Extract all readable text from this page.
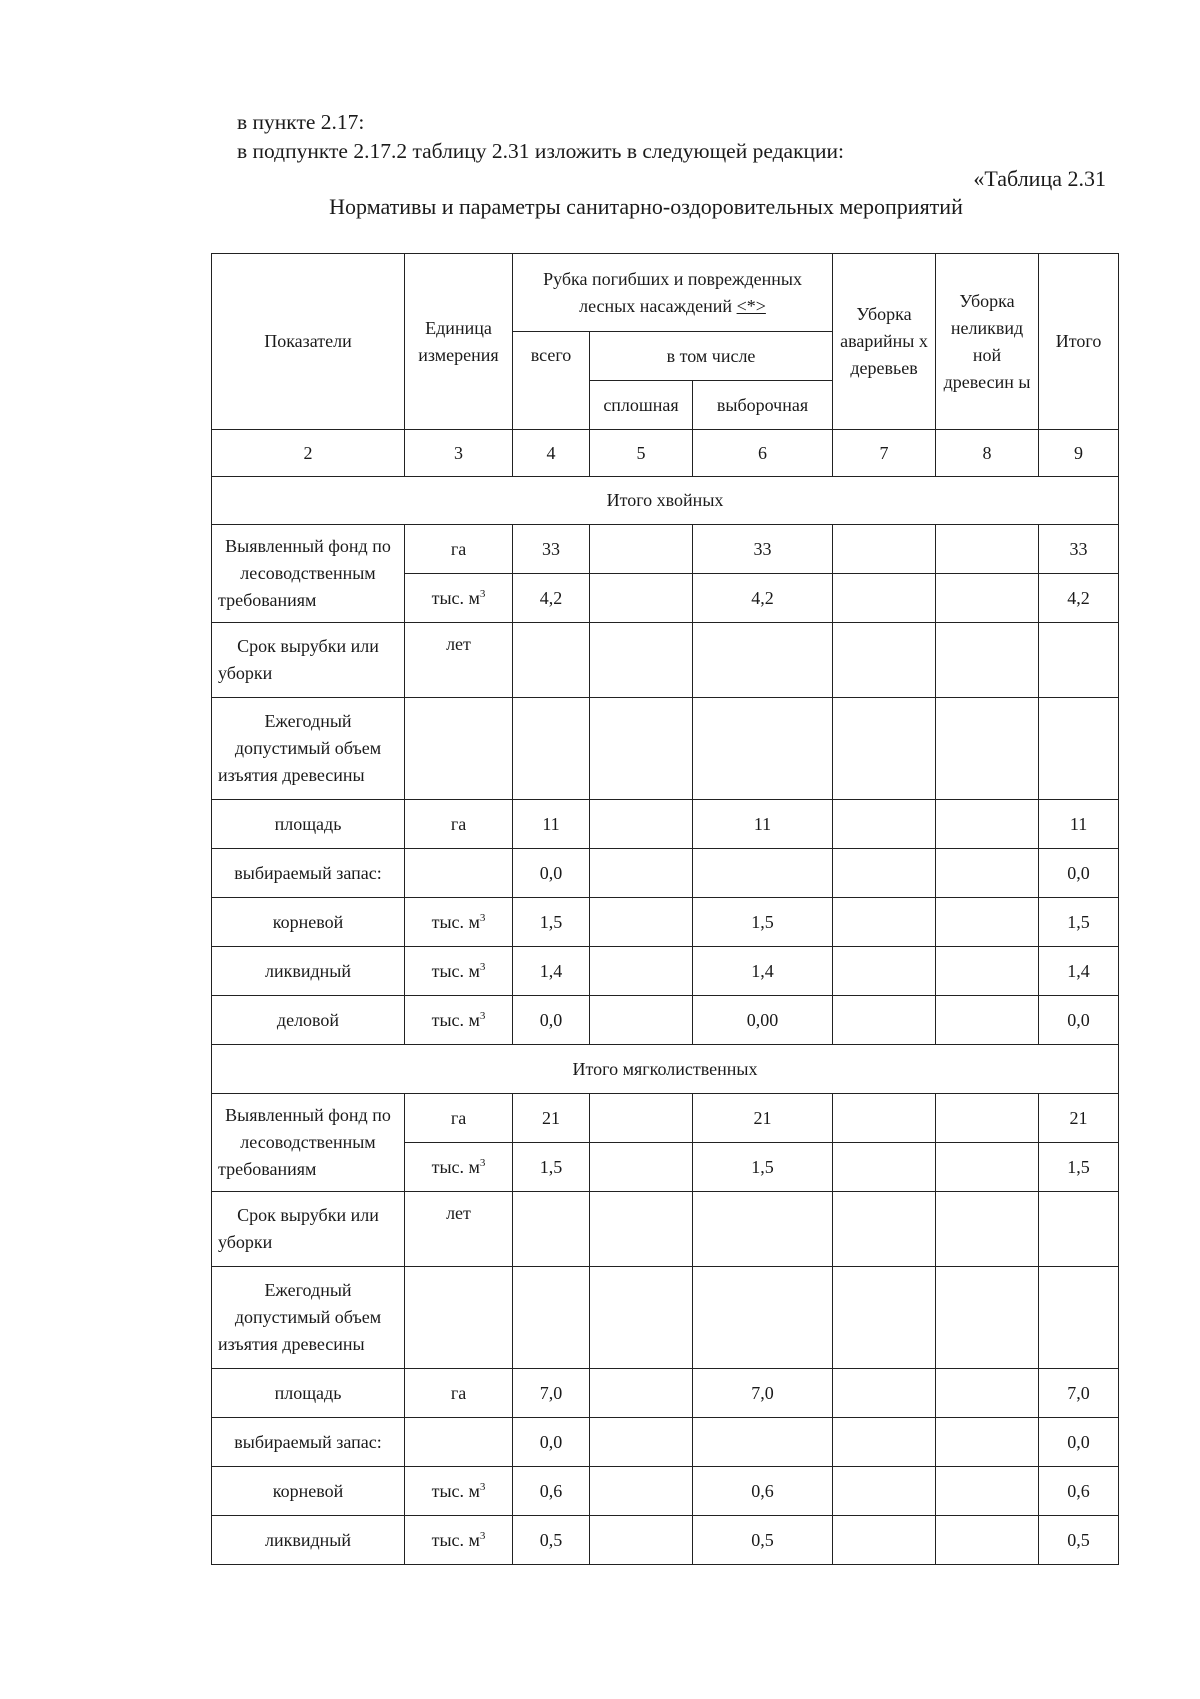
в пункте 2.17:
в подпункте 2.17.2 таблицу 2.31 изложить в следующей редакции:
«Таблица 2.31
Нормативы и параметры санитарно-оздоровительных мероприятий
Показатели	Единица измерения	Рубка погибших и поврежденных лесных насаждений <*>			Уборка аварийны х деревьев	Уборка неликвид ной древесин ы	Итого
		всего	в том числе				
			сплошная	выборочная			
2	3	4	5	6	7	8	9
Итого хвойных							
Выявленный фонд по лесоводственным требованиям	га	33		33			33
	тыс. $м^3$	4,2		4,2			4,2
Срок вырубки или уборки	лет						
Ежегодный допустимый объем изъятия древесины							
площадь	га	11		11			11
выбираемый запас:		0,0					0,0
корневой	тыс. $м^3$	1,5		1,5			1,5
ликвидный	тыс. $м^3$	1,4		1,4			1,4
деловой	тыс. $м^3$	0,0		0,00			0,0
Итого мягколиственных							
Выявленный фонд по лесоводственным требованиям	га	21		21			21
	тыс. $м^3$	1,5		1,5			1,5
Срок вырубки или уборки	лет						
Ежегодный допустимый объем изъятия древесины							
площадь	га	7,0		7,0			7,0
выбираемый запас:		0,0					0,0
корневой	тыс. $м^3$	0,6		0,6			0,6
ликвидный	тыс. $м^3$	0,5		0,5			0,5
